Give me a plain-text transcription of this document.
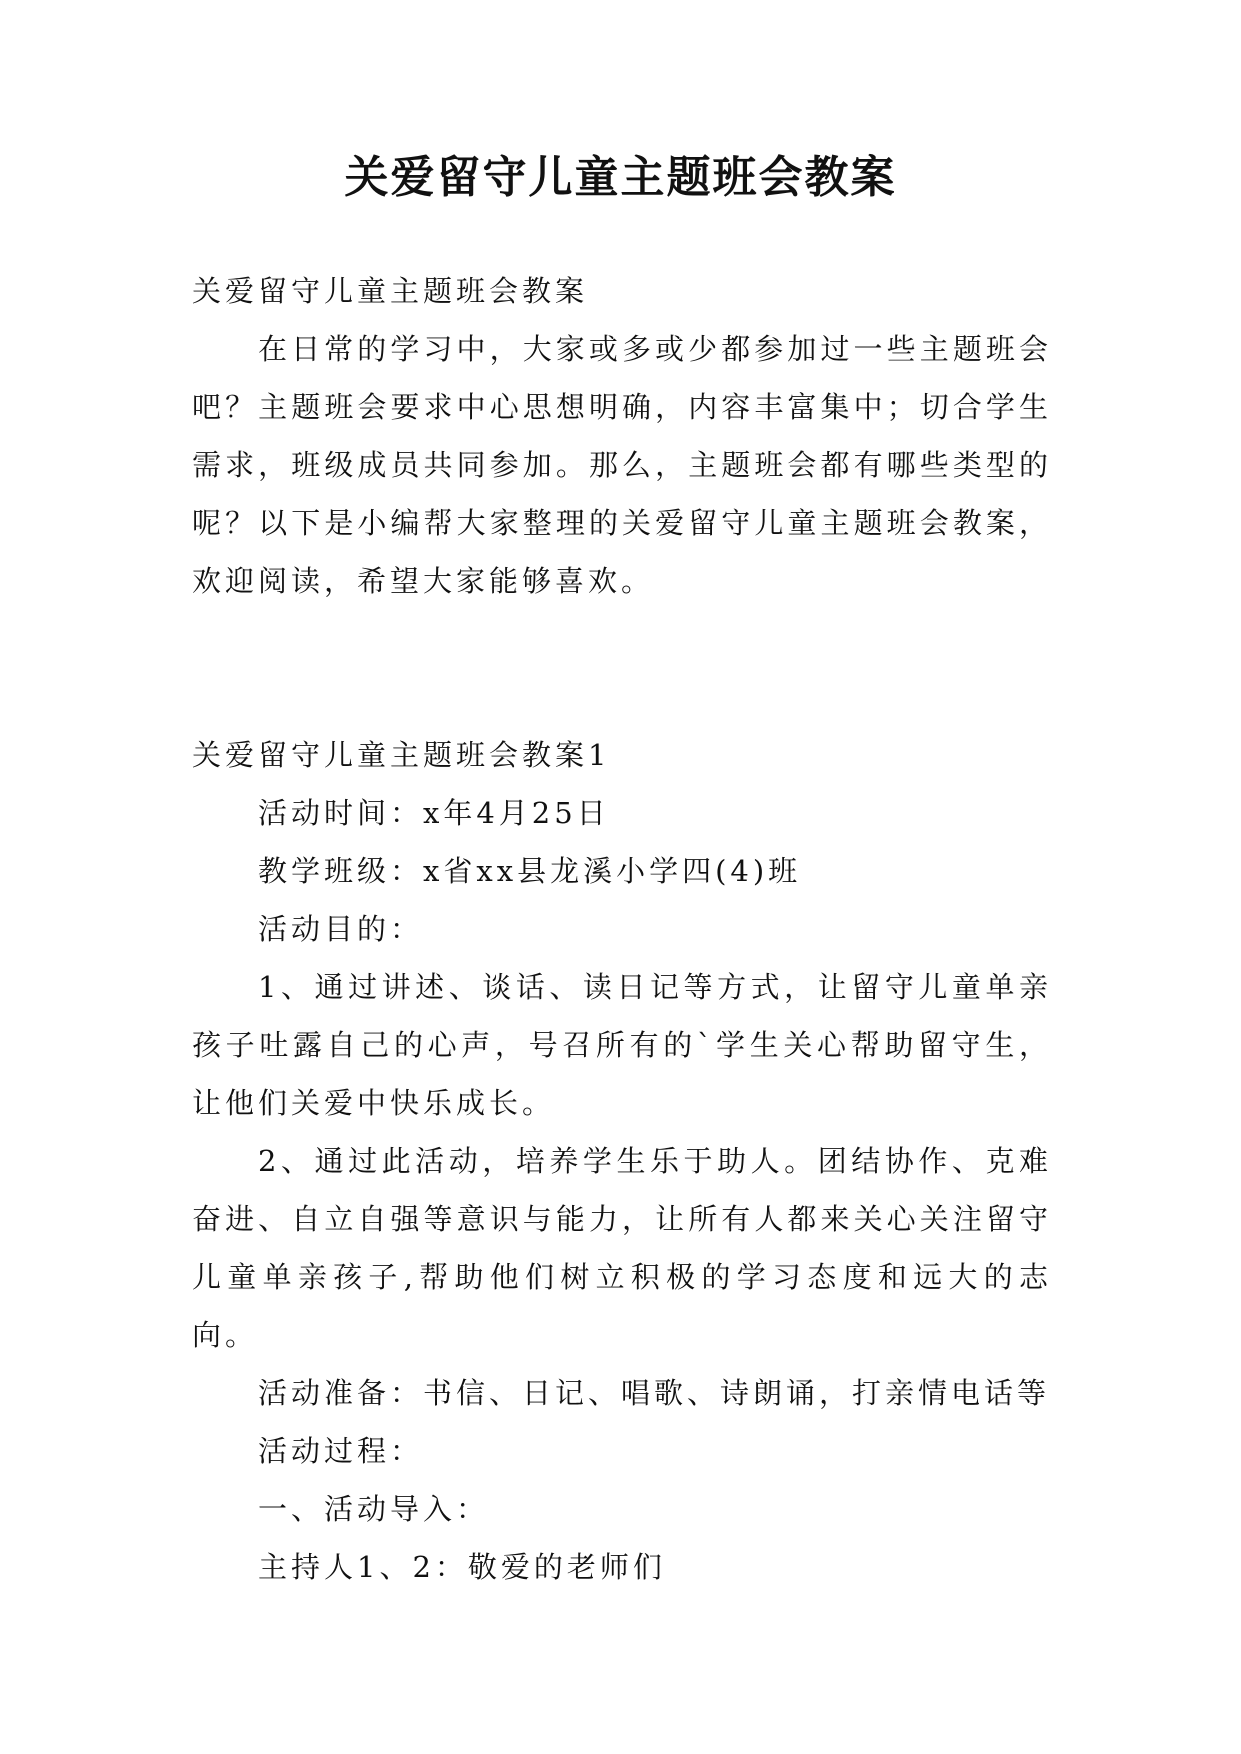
关爱留守儿童主题班会教案

关爱留守儿童主题班会教案

在日常的学习中，大家或多或少都参加过一些主题班会吧？主题班会要求中心思想明确，内容丰富集中；切合学生需求，班级成员共同参加。那么，主题班会都有哪些类型的呢？以下是小编帮大家整理的关爱留守儿童主题班会教案，欢迎阅读，希望大家能够喜欢。

关爱留守儿童主题班会教案1

活动时间：x年4月25日

教学班级：x省xx县龙溪小学四(4)班

活动目的：

1、通过讲述、谈话、读日记等方式，让留守儿童单亲孩子吐露自己的心声，号召所有的`学生关心帮助留守生，让他们关爱中快乐成长。

2、通过此活动，培养学生乐于助人。团结协作、克难奋进、自立自强等意识与能力，让所有人都来关心关注留守儿童单亲孩子,帮助他们树立积极的学习态度和远大的志向。

活动准备：书信、日记、唱歌、诗朗诵，打亲情电话等

活动过程：

一、活动导入：

主持人1、2：敬爱的老师们
